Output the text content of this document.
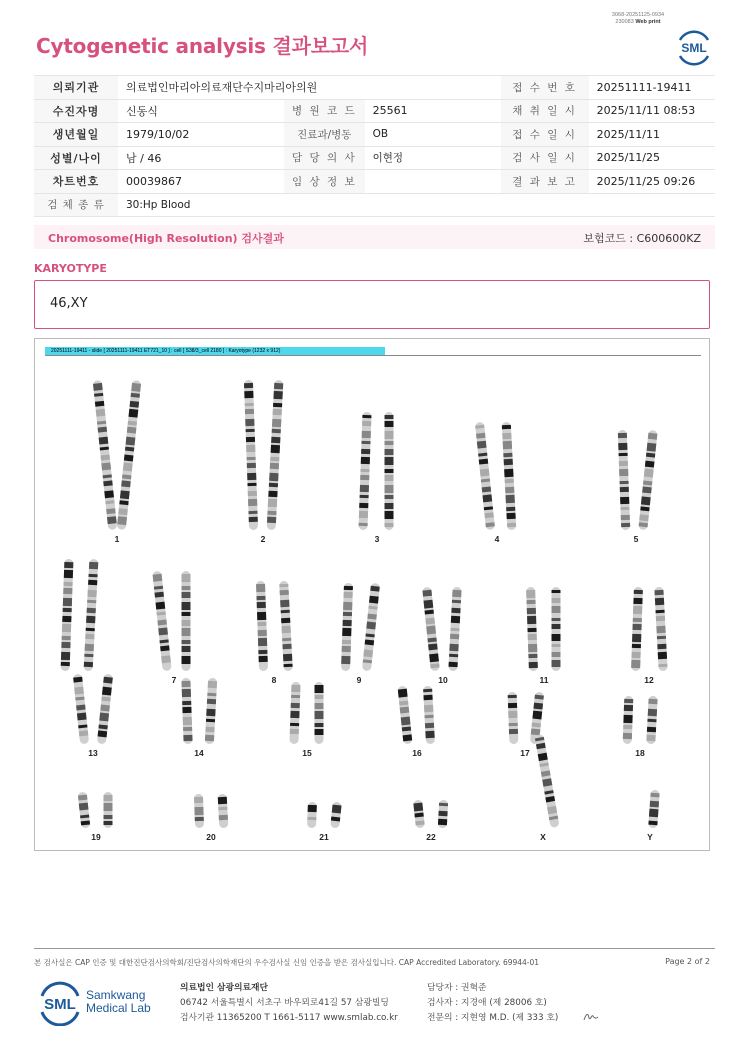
3068-20251125-0934
230083 Web print
Cytogenetic analysis 결과보고서	SML
의뢰기관	의료법인마리아의료재단수지마리아의원			접 수 번 호	20251111-19411
수진자명	신동식	병 원 코 드	25561	채 취 일 시	2025/11/11 08:53
생년월일	1979/10/02	진료과/병동	OB	접 수 일 시	2025/11/11
성별/나이	남 / 46	담 당 의 사	이현정	검 사 일 시	2025/11/25
차트번호	00039867	임 상 정 보		결 과 보 고	2025/11/25 09:26
검 체 종 류	30:Hp Blood				
Chromosome(High Resolution) 검사결과	보험코드 : C600600KZ
KARYOTYPE
46,XY
1	2	3	4	5
7	8	9	10	11	12
13	14	15	16	17	18
19	20	21	22	X	Y
20251111-19411 - slide [ 20251111-19411 ET721_10 ] : cell [ S38/3_cell 2180 ] : Karyotype (1232 x 912)
본 검사실은 CAP 인증 및 대한진단검사의학회/진단검사의학재단의 우수검사실 신임 인증을 받은 검사실입니다. CAP Accredited Laboratory. 69944-01	Page 2 of 2
SML
Samkwang
Medical Lab
의료법인 삼광의료재단
06742 서울특별시 서초구 바우뫼로41길 57 삼광빌딩
검사기관 11365200 T 1661-5117 www.smlab.co.kr
담당자 : 권혁준
검사자 : 지경애 (제 28006 호)
전문의 : 지현영 M.D. (제 333 호)
